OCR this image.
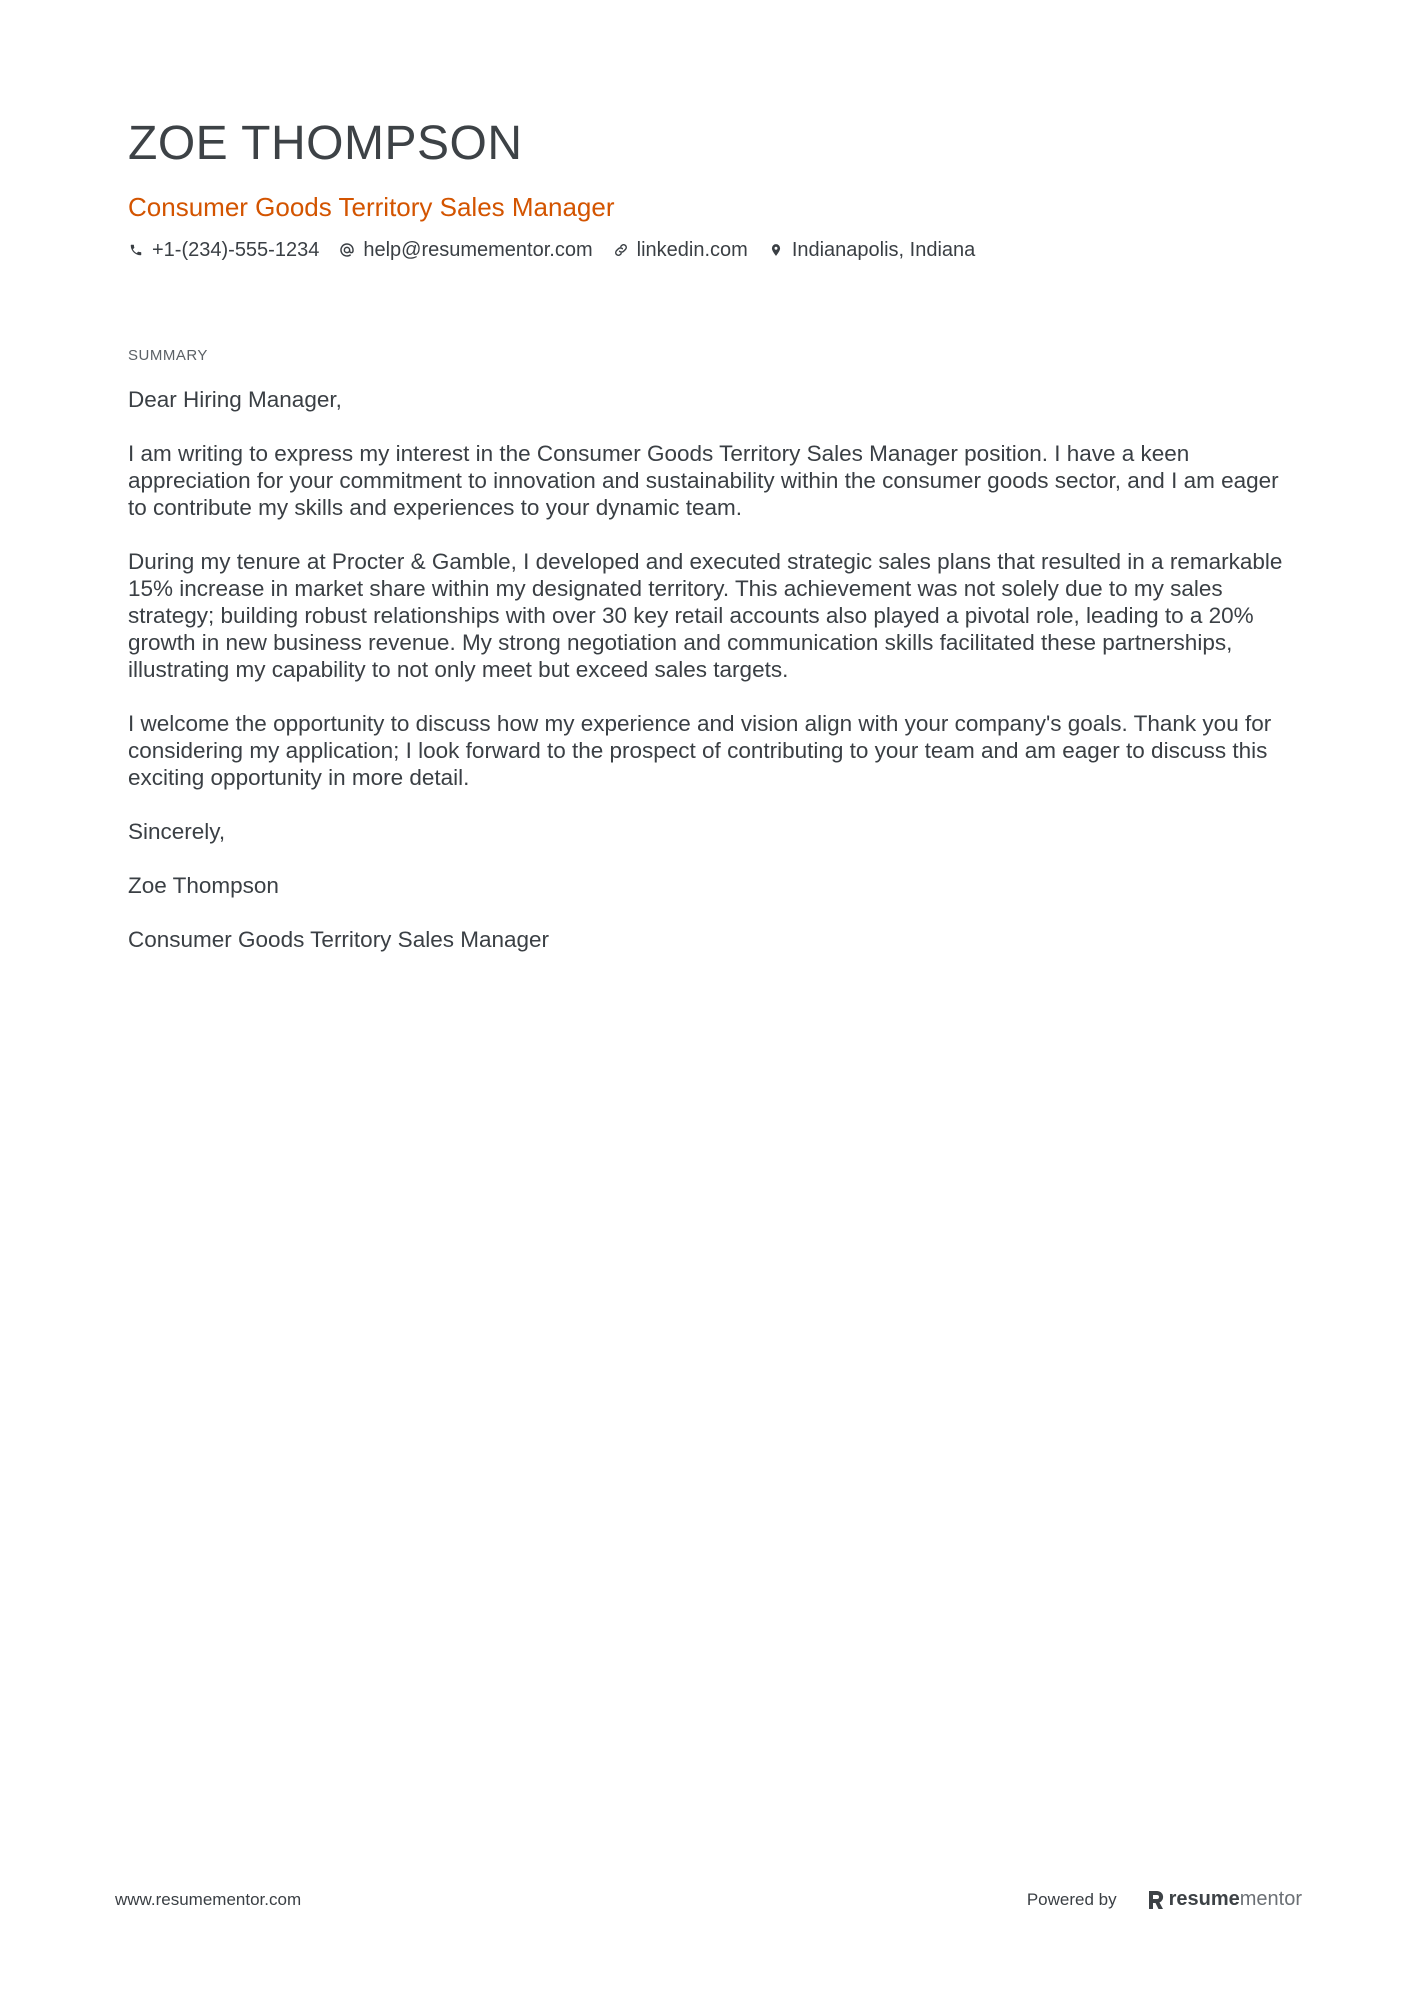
ZOE THOMPSON
Consumer Goods Territory Sales Manager
+1-(234)-555-1234 help@resumementor.com linkedin.com Indianapolis, Indiana
SUMMARY

Dear Hiring Manager,

I am writing to express my interest in the Consumer Goods Territory Sales Manager position. I have a keen appreciation for your commitment to innovation and sustainability within the consumer goods sector, and I am eager to contribute my skills and experiences to your dynamic team.

During my tenure at Procter & Gamble, I developed and executed strategic sales plans that resulted in a remarkable 15% increase in market share within my designated territory. This achievement was not solely due to my sales strategy; building robust relationships with over 30 key retail accounts also played a pivotal role, leading to a 20% growth in new business revenue. My strong negotiation and communication skills facilitated these partnerships, illustrating my capability to not only meet but exceed sales targets.

I welcome the opportunity to discuss how my experience and vision align with your company's goals. Thank you for considering my application; I look forward to the prospect of contributing to your team and am eager to discuss this exciting opportunity in more detail.

Sincerely,

Zoe Thompson

Consumer Goods Territory Sales Manager

www.resumementor.com	Powered by	resume mentor
